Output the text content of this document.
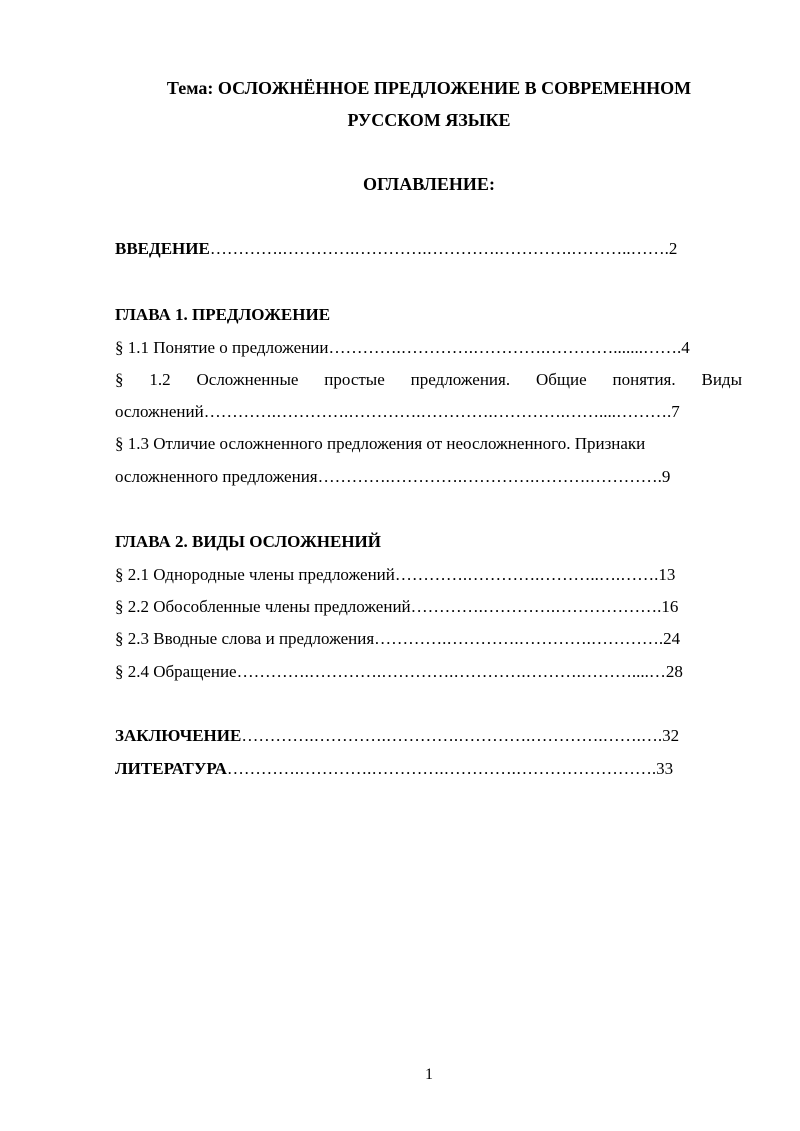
Тема: ОСЛОЖНЁННОЕ ПРЕДЛОЖЕНИЕ В СОВРЕМЕННОМ
РУССКОМ ЯЗЫКЕ
ОГЛАВЛЕНИЕ:
ВВЕДЕНИЕ………….………….………….………….………….………..…….2
ГЛАВА 1. ПРЕДЛОЖЕНИЕ
§ 1.1 Понятие о предложении………….………….………….………….......…….4
§ 1.2 Осложненные простые предложения. Общие понятия. Виды
осложнений………….………….………….………….………….……....……….7
§ 1.3 Отличие осложненного предложения от неосложненного. Признаки
осложненного предложения………….………….………….……….………….9
ГЛАВА 2. ВИДЫ ОСЛОЖНЕНИЙ
§ 2.1 Однородные члены предложений………….………….………..….…….13
§ 2.2 Обособленные члены предложений………….………….……………….16
§ 2.3 Вводные слова и предложения………….………….………….………….24
§ 2.4 Обращение………….………….………….………….……….………....…28
ЗАКЛЮЧЕНИЕ………….………….………….………….………….…….….32
ЛИТЕРАТУРА………….………….………….………….…………………….33
1
